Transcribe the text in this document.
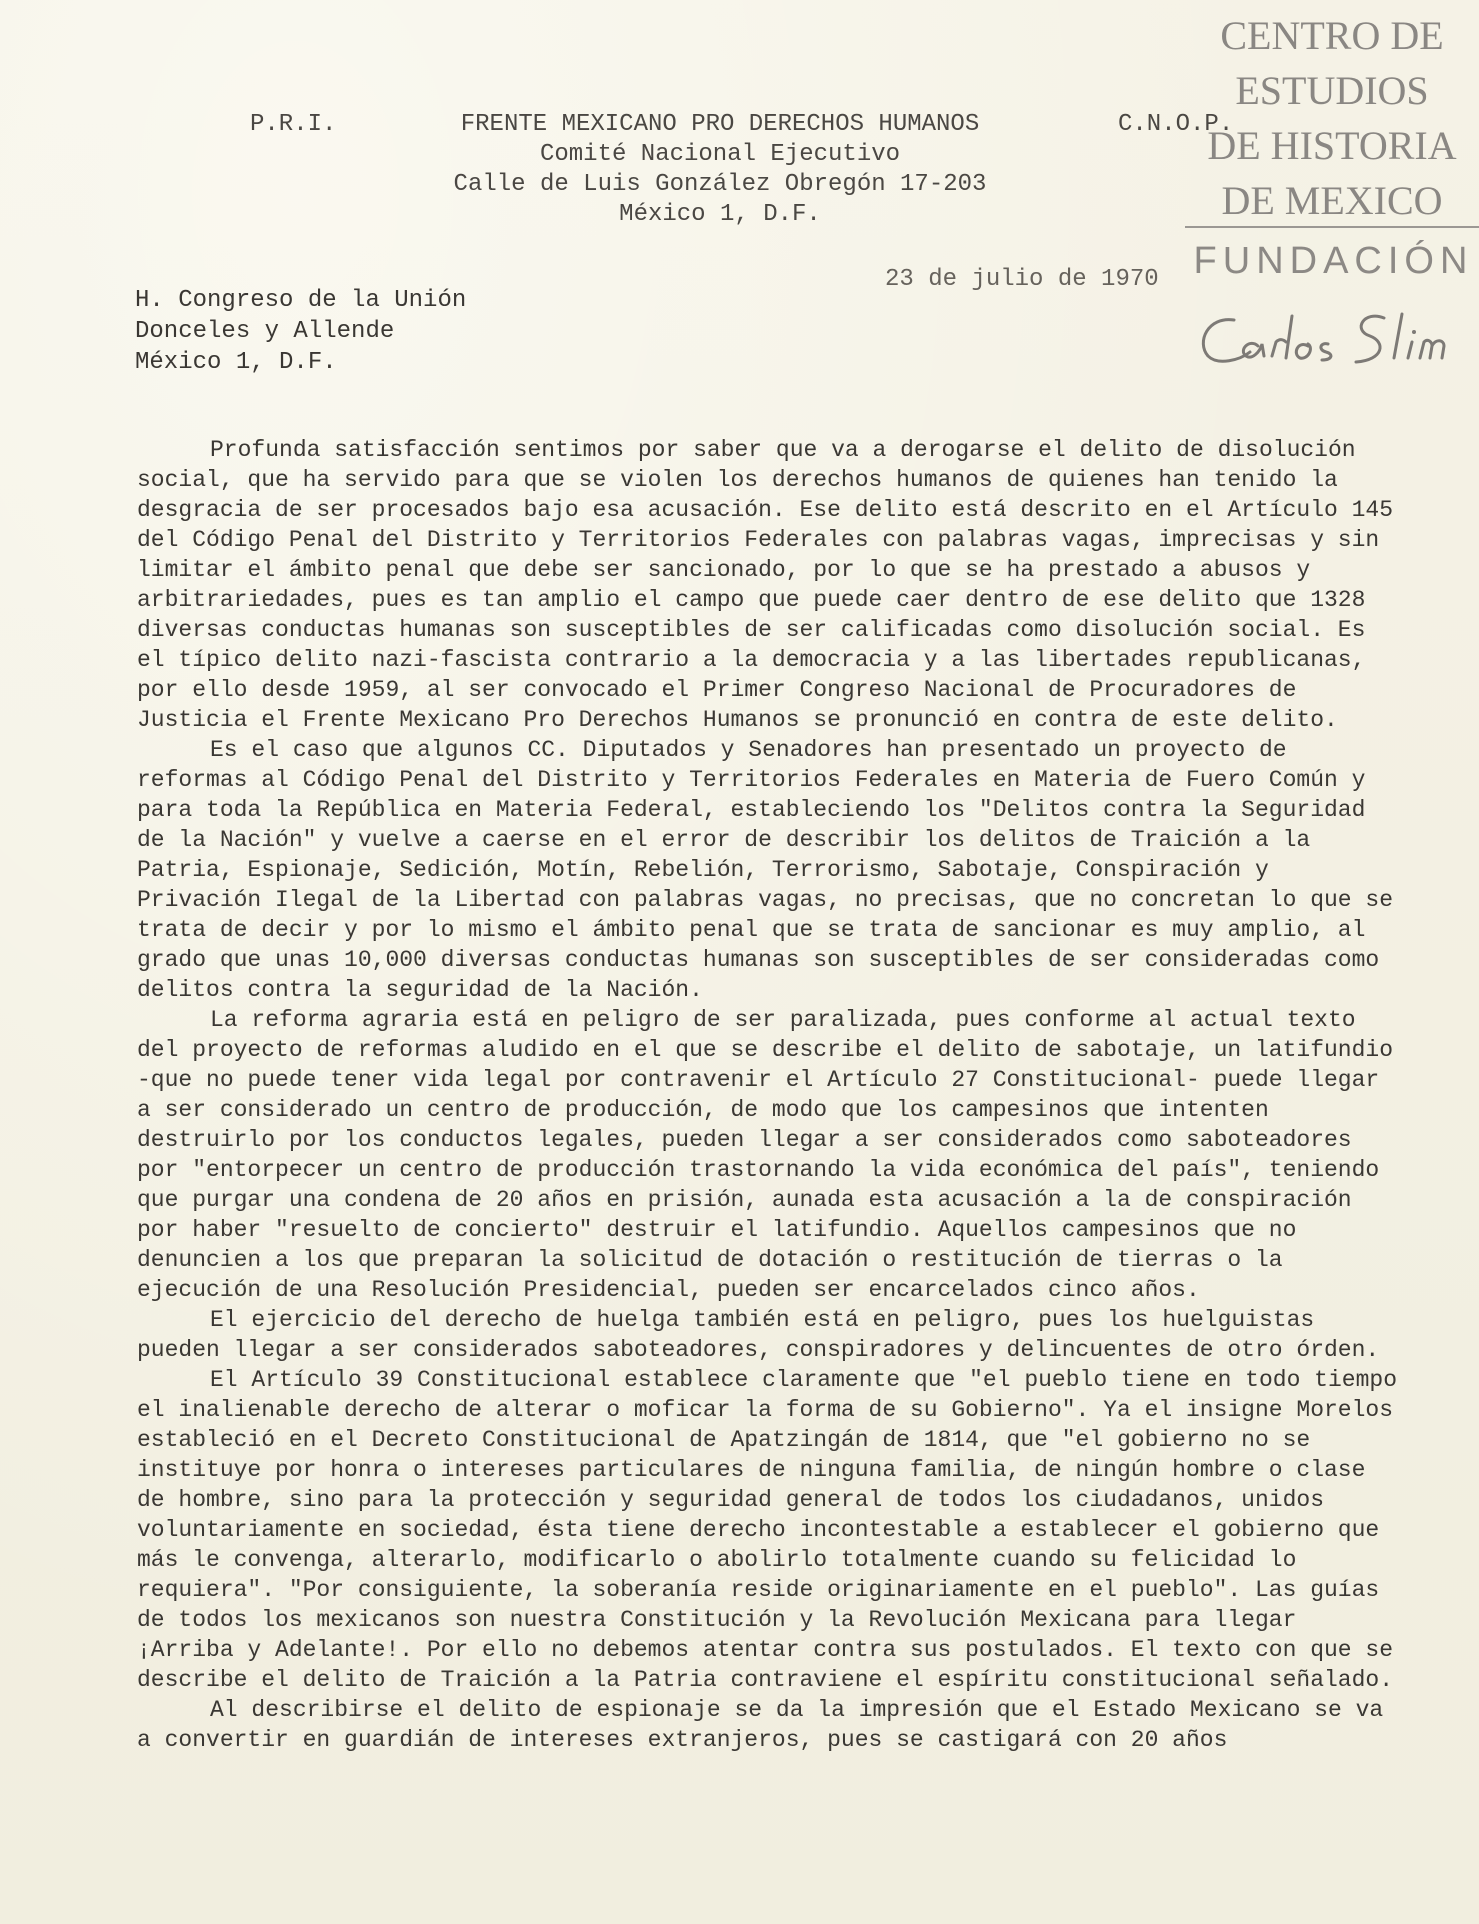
P.R.I.	FRENTE MEXICANO PRO DERECHOS HUMANOS
Comité Nacional Ejecutivo
Calle de Luis González Obregón 17-203
México 1, D.F.
C.N.O.P.
23 de julio de 1970
H. Congreso de la Unión
Donceles y Allende
México 1, D.F.
CENTRO DE
ESTUDIOS
DE HISTORIA
DE MEXICO
FUNDACIÓN

Profunda satisfacción sentimos por saber que va a derogarse el delito de disolución social, que ha servido para que se violen los derechos humanos de quienes han tenido la desgracia de ser procesados bajo esa acusación. Ese delito está descrito en el Artículo 145 del Código Penal del Distrito y Territorios Federales con palabras vagas, imprecisas y sin limitar el ámbito penal que debe ser sancionado, por lo que se ha prestado a abusos y arbitrariedades, pues es tan amplio el campo que puede caer dentro de ese delito que 1328 diversas conductas humanas son susceptibles de ser calificadas como disolución social. Es el típico delito nazi-fascista contrario a la democracia y a las libertades republicanas, por ello desde 1959, al ser convocado el Primer Congreso Nacional de Procuradores de Justicia el Frente Mexicano Pro Derechos Humanos se pronunció en contra de este delito.

Es el caso que algunos CC. Diputados y Senadores han presentado un proyecto de reformas al Código Penal del Distrito y Territorios Federales en Materia de Fuero Común y para toda la República en Materia Federal, estableciendo los "Delitos contra la Seguridad de la Nación" y vuelve a caerse en el error de describir los delitos de Traición a la Patria, Espionaje, Sedición, Motín, Rebelión, Terrorismo, Sabotaje, Conspiración y Privación Ilegal de la Libertad con palabras vagas, no precisas, que no concretan lo que se trata de decir y por lo mismo el ámbito penal que se trata de sancionar es muy amplio, al grado que unas 10,000 diversas conductas humanas son susceptibles de ser consideradas como delitos contra la seguridad de la Nación.

La reforma agraria está en peligro de ser paralizada, pues conforme al actual texto del proyecto de reformas aludido en el que se describe el delito de sabotaje, un latifundio -que no puede tener vida legal por contravenir el Artículo 27 Constitucional- puede llegar a ser considerado un centro de producción, de modo que los campesinos que intenten destruirlo por los conductos legales, pueden llegar a ser considerados como saboteadores por "entorpecer un centro de producción trastornando la vida económica del país", teniendo que purgar una condena de 20 años en prisión, aunada esta acusación a la de conspiración por haber "resuelto de concierto" destruir el latifundio. Aquellos campesinos que no denuncien a los que preparan la solicitud de dotación o restitución de tierras o la ejecución de una Resolución Presidencial, pueden ser encarcelados cinco años.

El ejercicio del derecho de huelga también está en peligro, pues los huelguistas pueden llegar a ser considerados saboteadores, conspiradores y delincuentes de otro órden.

El Artículo 39 Constitucional establece claramente que "el pueblo tiene en todo tiempo el inalienable derecho de alterar o moficar la forma de su Gobierno". Ya el insigne Morelos estableció en el Decreto Constitucional de Apatzingán de 1814, que "el gobierno no se instituye por honra o intereses particulares de ninguna familia, de ningún hombre o clase de hombre, sino para la protección y seguridad general de todos los ciudadanos, unidos voluntariamente en sociedad, ésta tiene derecho incontestable a establecer el gobierno que más le convenga, alterarlo, modificarlo o abolirlo totalmente cuando su felicidad lo requiera". "Por consiguiente, la soberanía reside originariamente en el pueblo". Las guías de todos los mexicanos son nuestra Constitución y la Revolución Mexicana para llegar ¡Arriba y Adelante!. Por ello no debemos atentar contra sus postulados. El texto con que se describe el delito de Traición a la Patria contraviene el espíritu constitucional señalado.

Al describirse el delito de espionaje se da la impresión que el Estado Mexicano se va a convertir en guardián de intereses extranjeros, pues se castigará con 20 años
